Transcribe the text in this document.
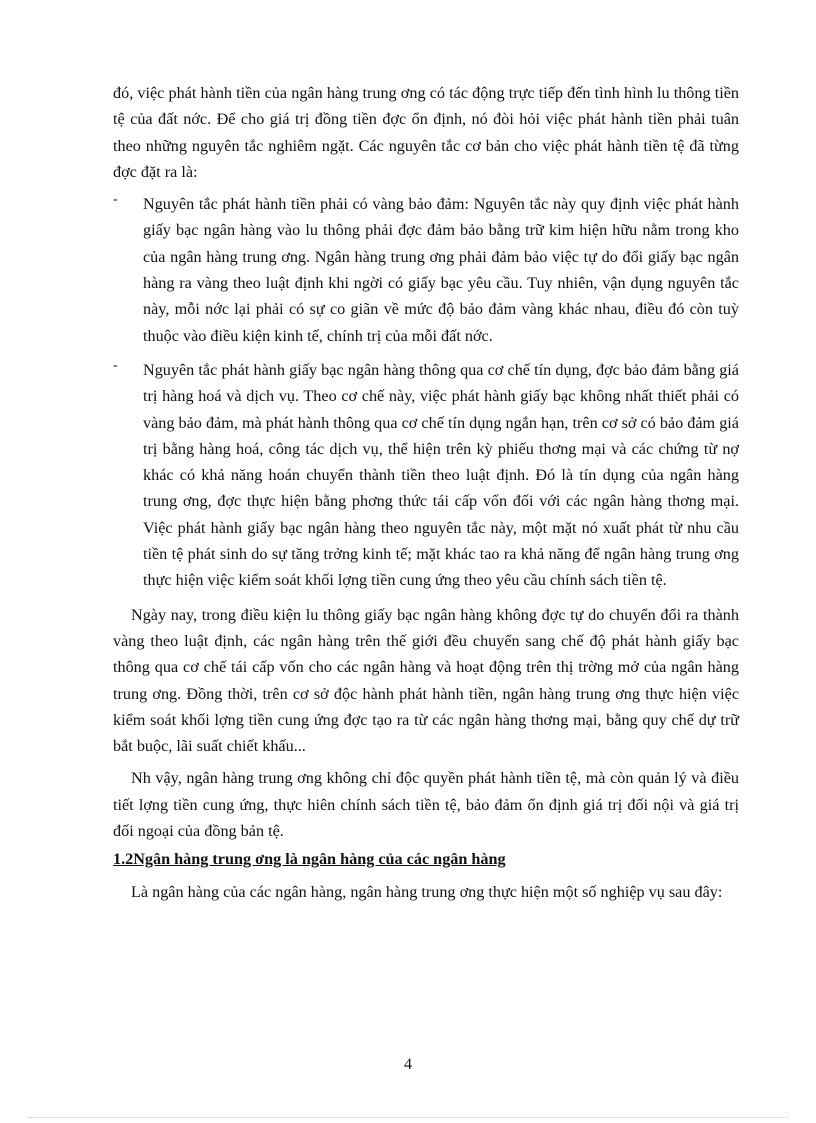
đó, việc phát hành tiền của ngân hàng trung ơng có tác động trực tiếp đến tình hình lu thông tiền tệ của đất nớc. Để cho giá trị đồng tiền đợc ổn định, nó đòi hỏi việc phát hành tiền phải tuân theo những nguyên tắc nghiêm ngặt. Các nguyên tắc cơ bản cho việc phát hành tiền tệ đã từng đợc đặt ra là:

- Nguyên tắc phát hành tiền phải có vàng bảo đảm: Nguyên tắc này quy định việc phát hành giấy bạc ngân hàng vào lu thông phải đợc đảm bảo bằng trữ kim hiện hữu nằm trong kho của ngân hàng trung ơng. Ngân hàng trung ơng phải đảm bảo việc tự do đổi giấy bạc ngân hàng ra vàng theo luật định khi ngời có giấy bạc yêu cầu. Tuy nhiên, vận dụng nguyên tắc này, mỗi nớc lại phải có sự co giãn về mức độ bảo đảm vàng khác nhau, điều đó còn tuỳ thuộc vào điều kiện kinh tế, chính trị của mỗi đất nớc.
- Nguyên tắc phát hành giấy bạc ngân hàng thông qua cơ chế tín dụng, đợc bảo đảm bằng giá trị hàng hoá và dịch vụ. Theo cơ chế này, việc phát hành giấy bạc không nhất thiết phải có vàng bảo đảm, mà phát hành thông qua cơ chế tín dụng ngắn hạn, trên cơ sở có bảo đảm giá trị bằng hàng hoá, công tác dịch vụ, thể hiện trên kỳ phiếu thơng mại và các chứng từ nợ khác có khả năng hoán chuyển thành tiền theo luật định. Đó là tín dụng của ngân hàng trung ơng, đợc thực hiện bằng phơng thức tái cấp vốn đối với các ngân hàng thơng mại. Việc phát hành giấy bạc ngân hàng theo nguyên tắc này, một mặt nó xuất phát từ nhu cầu tiền tệ phát sinh do sự tăng trởng kinh tế; mặt khác tao ra khả năng để ngân hàng trung ơng thực hiện việc kiểm soát khối lợng tiền cung ứng theo yêu cầu chính sách tiền tệ.

Ngày nay, trong điều kiện lu thông giấy bạc ngân hàng không đợc tự do chuyển đổi ra thành vàng theo luật định, các ngân hàng trên thế giới đều chuyển sang chế độ phát hành giấy bạc thông qua cơ chế tái cấp vốn cho các ngân hàng và hoạt động trên thị trờng mở của ngân hàng trung ơng. Đồng thời, trên cơ sở độc hành phát hành tiền, ngân hàng trung ơng thực hiện việc kiểm soát khối lợng tiền cung ứng đợc tạo ra từ các ngân hàng thơng mại, bằng quy chế dự trữ bắt buộc, lãi suất chiết khấu...

Nh vậy, ngân hàng trung ơng không chỉ độc quyền phát hành tiền tệ, mà còn quản lý và điều tiết lợng tiền cung ứng, thực hiên chính sách tiền tệ, bảo đảm ổn định giá trị đối nội và giá trị đối ngoại của đồng bản tệ.

1.2Ngân hàng trung ơng là ngân hàng của các ngân hàng

Là ngân hàng của các ngân hàng, ngân hàng trung ơng thực hiện một số nghiệp vụ sau đây:

4
